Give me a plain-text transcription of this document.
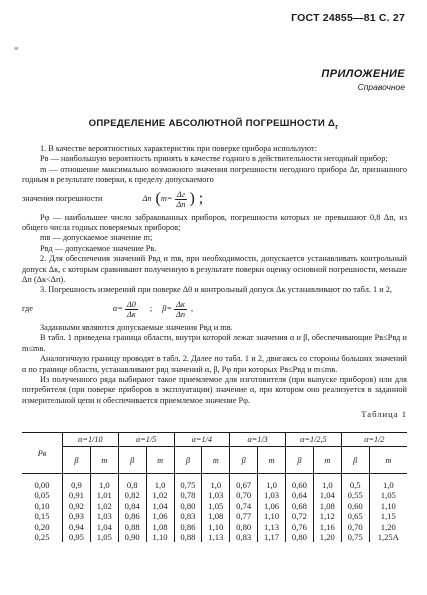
ГОСТ 24855—81 С. 27
≡
ПРИЛОЖЕНИЕ
Справочное
ОПРЕДЕЛЕНИЕ АБСОЛЮТНОЙ ПОГРЕШНОСТИ $\Delta_г$

1. В качестве вероятностных характеристик при поверке прибора используют:

Pв — наибольшую вероятность принять в качестве годного в действительности негодный прибор;

m — отношение максимально возможного значения погрешности негодного прибора Δг, признанного годным в результате поверки, к пределу допускаемого

значения погрешности	Δп ( $m= \frac{\Delta г}{\Delta п}$ ) ;

Pφ — наибольшее число забракованных приборов, погрешности которых не превышают 0,8 Δп, из общего числа годных поверяемых приборов;

mв — допускаемое значение m;

Pвд — допускаемое значение Pв.

2. Для обеспечения значений Pвд и mв, при необходимости, допускается устанавливать контрольный допуск Δк, с которым сравнивают полученную в результате поверки оценку основной погрешности, меньше Δп (Δк<Δп).

3. Погрешность измерений при поверке Δ0 и контрольный допуск Δк устанавливают по табл. 1 и 2,

где	$\alpha= \frac{\Delta 0}{\Delta к}$ ; $\beta= \frac{\Delta к}{\Delta п}$ ,

Заданными являются допускаемые значения Pвд и mв.

В табл. 1 приведена граница области, внутри которой лежат значения α и β, обеспечивающие Pв≤Pвд и m≤mв.

Аналогичную границу проводят в табл. 2. Далее по табл. 1 и 2, двигаясь со стороны больших значений α по границе области, устанавливают ряд значений α, β, Pφ при которых Pв≤Pвд и m≤mв.

Из полученного ряда выбирают такое приемлемое для изготовителя (при выпуске приборов) или для потребителя (при поверке приборов в эксплуатации) значение α, при котором оно реализуется в заданной измерительной цепи и обеспечивается приемлемое значение Pφ.

Таблица 1
Pв	α=1/10		α=1/5		α=1/4		α=1/3		α=1/2,5		α=1/2	
	β	m	β	m	β	m	β	m	β	m	β	m
0,00	0,9	1,0	0,8	1,0	0,75	1,0	0,67	1,0	0,60	1,0	0,5	1,0
0,05	0,91	1,01	0,82	1,02	0,78	1,03	0,70	1,03	0,64	1,04	0,55	1,05
0,10	0,92	1,02	0,84	1,04	0,80	1,05	0,74	1,06	0,68	1,08	0,60	1,10
0,15	0,93	1,03	0,86	1,06	0,83	1,08	0,77	1,10	0,72	1,12	0,65	1,15
0,20	0,94	1,04	0,88	1,08	0,86	1,10	0,80	1,13	0,76	1,16	0,70	1,20
0,25	0,95	1,05	0,90	1,10	0,88	1,13	0,83	1,17	0,80	1,20	0,75	1,25А
